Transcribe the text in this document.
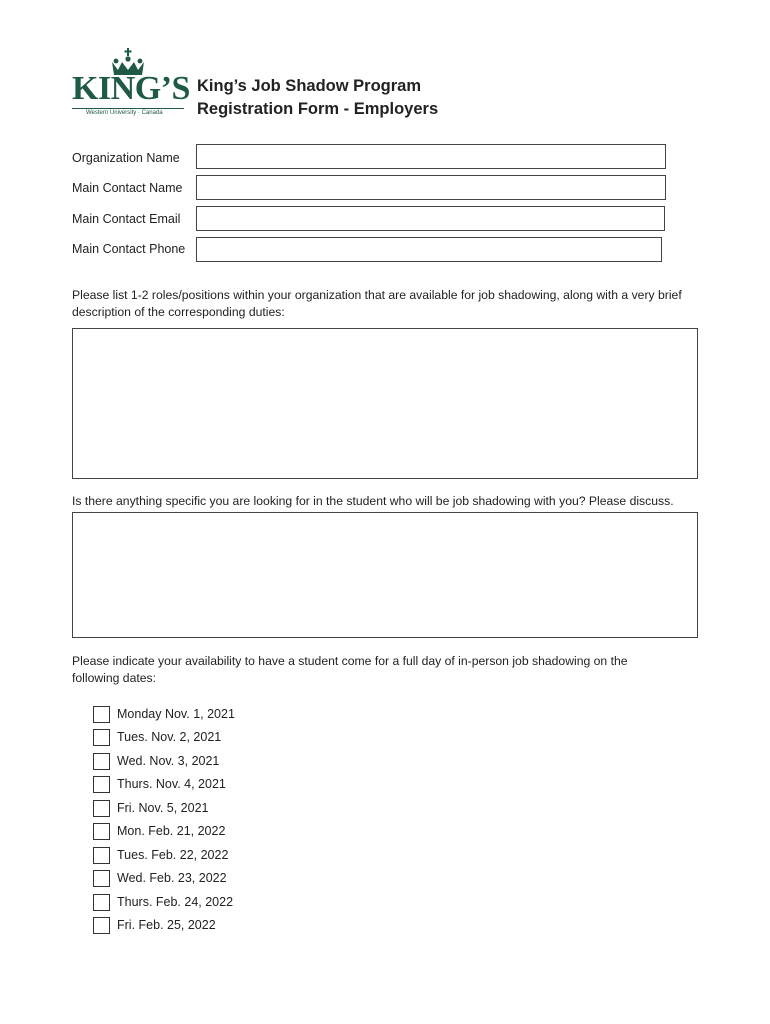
KING’S
Western University · Canada
King’s Job Shadow Program
Registration Form - Employers
Organization Name
Main Contact Name
Main Contact Email
Main Contact Phone
Please list 1-2 roles/positions within your organization that are available for job shadowing, along with a very brief description of the corresponding duties:
Is there anything specific you are looking for in the student who will be job shadowing with you? Please discuss.
Please indicate your availability to have a student come for a full day of in-person job shadowing on the following dates:
Monday Nov. 1, 2021
Tues. Nov. 2, 2021
Wed. Nov. 3, 2021
Thurs. Nov. 4, 2021
Fri. Nov. 5, 2021
Mon. Feb. 21, 2022
Tues. Feb. 22, 2022
Wed. Feb. 23, 2022
Thurs. Feb. 24, 2022
Fri. Feb. 25, 2022
